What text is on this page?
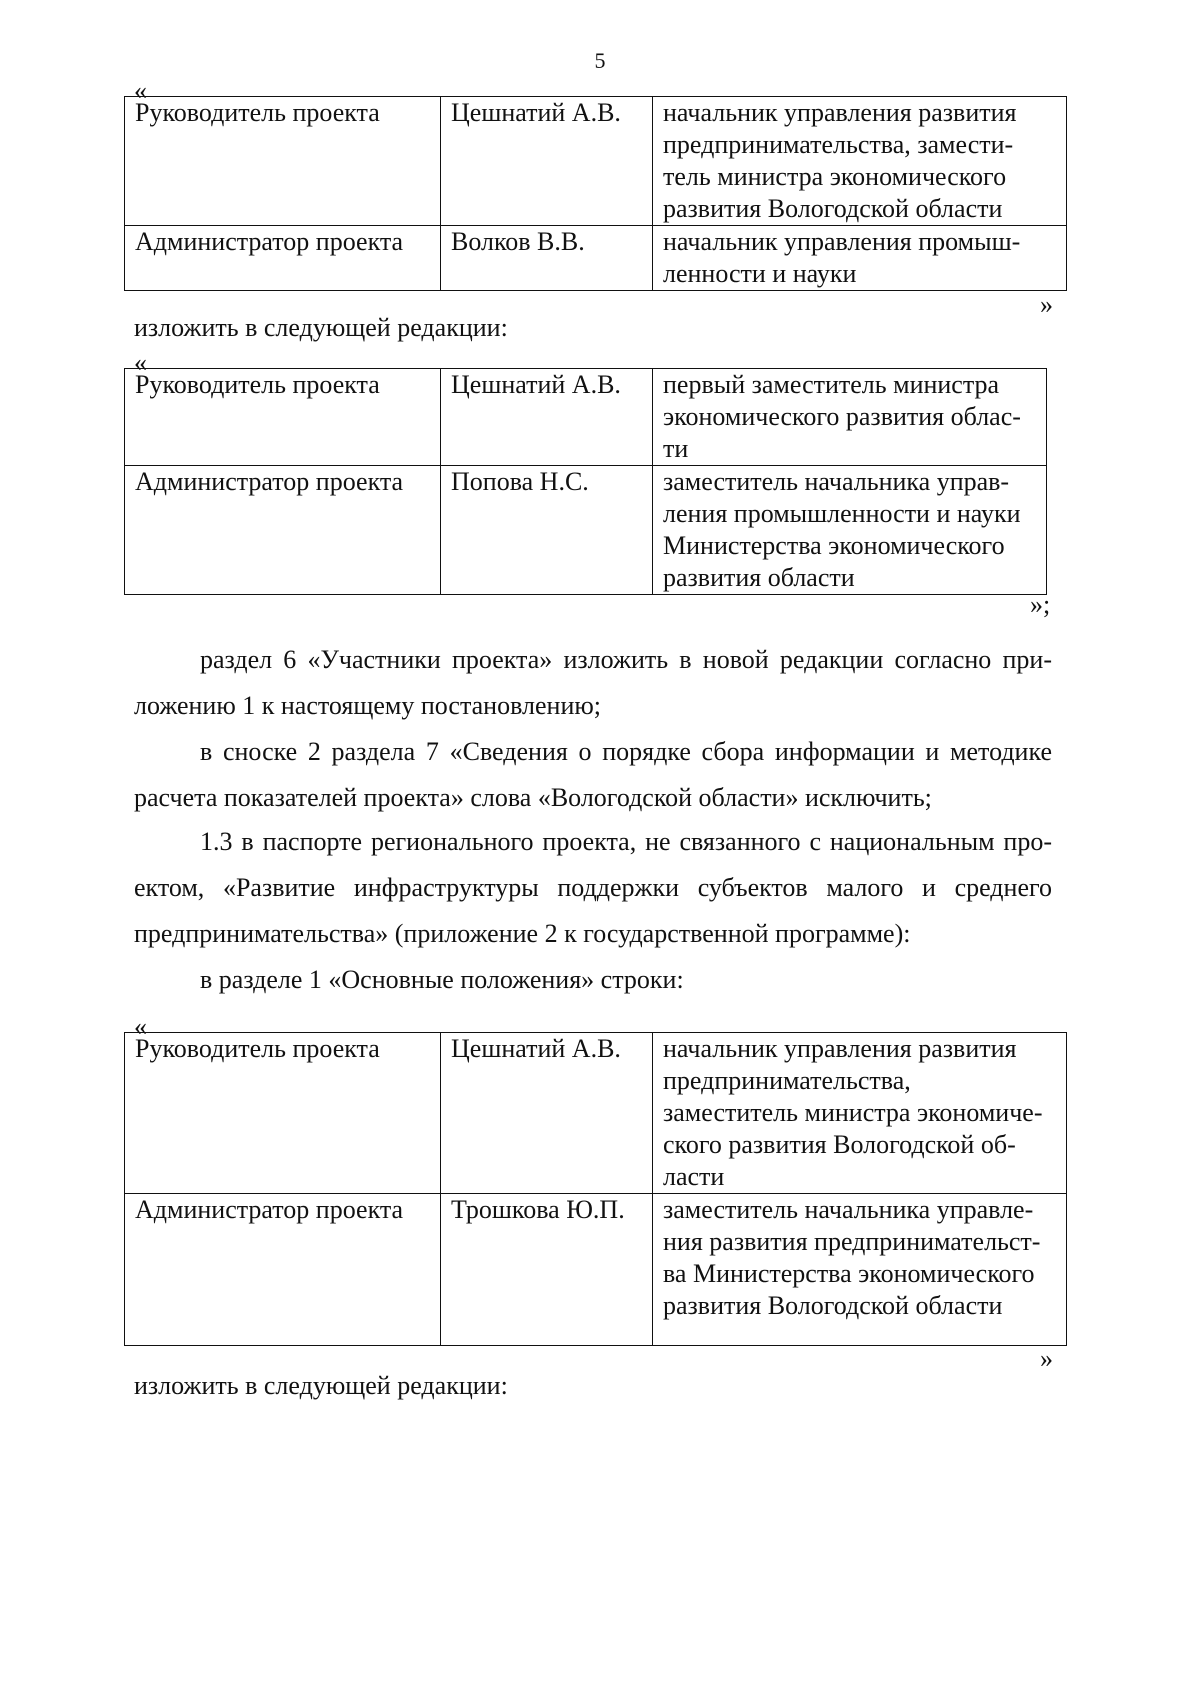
5
«
Руководитель проекта	Цешнатий А.В.	начальник управления развития
предпринимательства, замести-
тель министра экономического
развития Вологодской области

Администратор проекта	Волков В.В.	начальник управления промыш-
ленности и науки
»
изложить в следующей редакции:
«
Руководитель проекта	Цешнатий А.В.	первый заместитель министра
экономического развития облас-
ти

Администратор проекта	Попова Н.С.	заместитель начальника управ-
ления промышленности и науки
Министерства экономического
развития области
»;
раздел 6 «Участники проекта» изложить в новой редакции согласно при-
ложению 1 к настоящему постановлению;
в сноске 2 раздела 7 «Сведения о порядке сбора информации и методике
расчета показателей проекта» слова «Вологодской области» исключить;
1.3 в паспорте регионального проекта, не связанного с национальным про-
ектом, «Развитие инфраструктуры поддержки субъектов малого и среднего
предпринимательства» (приложение 2 к государственной программе):
в разделе 1 «Основные положения» строки:
«
Руководитель проекта	Цешнатий А.В.	начальник управления развития
предпринимательства,
заместитель министра экономиче-
ского развития Вологодской об-
ласти

Администратор проекта	Трошкова Ю.П.	заместитель начальника управле-
ния развития предпринимательст-
ва Министерства экономического
развития Вологодской области
»
изложить в следующей редакции:
